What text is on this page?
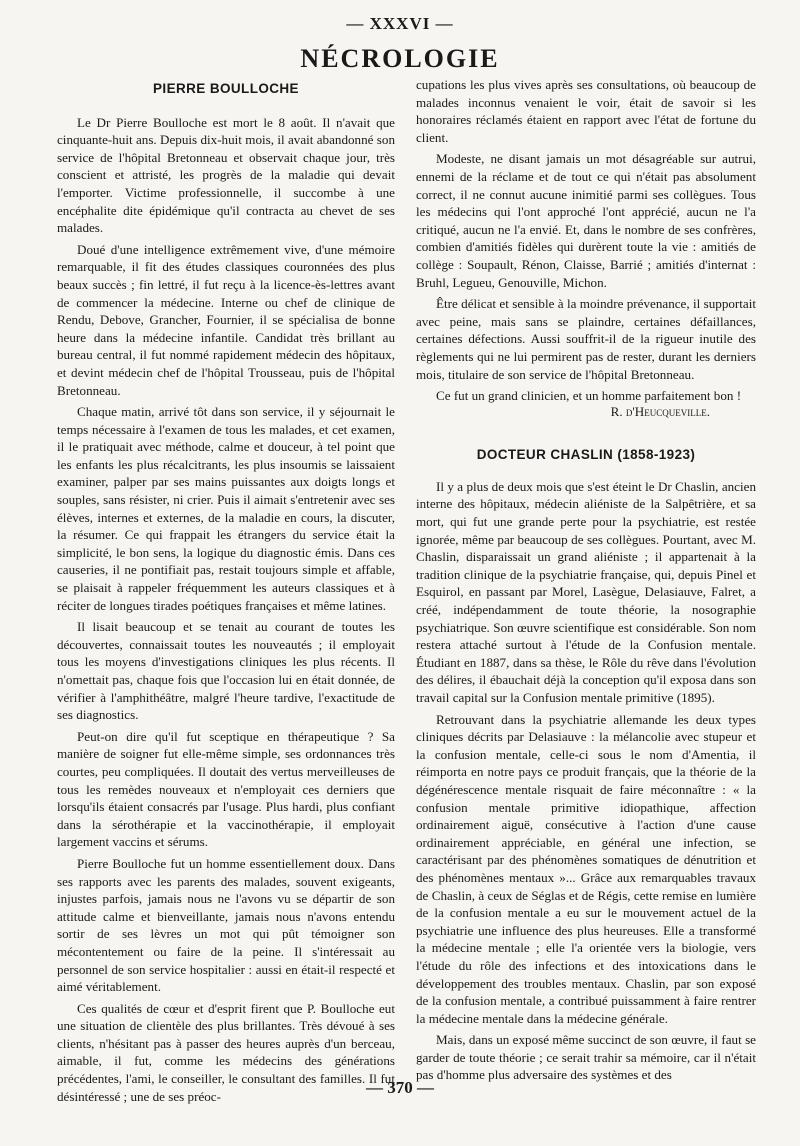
— XXXVI —
NÉCROLOGIE
PIERRE BOULLOCHE

Le Dr Pierre Boulloche est mort le 8 août. Il n'avait que cinquante-huit ans. Depuis dix-huit mois, il avait abandonné son service de l'hôpital Bretonneau et observait chaque jour, très conscient et attristé, les progrès de la maladie qui devait l'emporter. Victime professionnelle, il succombe à une encéphalite dite épidémique qu'il contracta au chevet de ses malades.

Doué d'une intelligence extrêmement vive, d'une mémoire remarquable, il fit des études classiques couronnées des plus beaux succès ; fin lettré, il fut reçu à la licence-ès-lettres avant de commencer la médecine. Interne ou chef de clinique de Rendu, Debove, Grancher, Fournier, il se spécialisa de bonne heure dans la médecine infantile. Candidat très brillant au bureau central, il fut nommé rapidement médecin des hôpitaux, et devint médecin chef de l'hôpital Trousseau, puis de l'hôpital Bretonneau.

Chaque matin, arrivé tôt dans son service, il y séjournait le temps nécessaire à l'examen de tous les malades, et cet examen, il le pratiquait avec méthode, calme et douceur, à tel point que les enfants les plus récalcitrants, les plus insoumis se laissaient examiner, palper par ses mains puissantes aux doigts longs et souples, sans résister, ni crier. Puis il aimait s'entretenir avec ses élèves, internes et externes, de la maladie en cours, la discuter, la résumer. Ce qui frappait les étrangers du service était la simplicité, le bon sens, la logique du diagnostic émis. Dans ces causeries, il ne pontifiait pas, restait toujours simple et affable, se plaisait à rappeler fréquemment les auteurs classiques et à réciter de longues tirades poétiques françaises et même latines.

Il lisait beaucoup et se tenait au courant de toutes les découvertes, connaissait toutes les nouveautés ; il employait tous les moyens d'investigations cliniques les plus récents. Il n'omettait pas, chaque fois que l'occasion lui en était donnée, de vérifier à l'amphithéâtre, malgré l'heure tardive, l'exactitude de ses diagnostics.

Peut-on dire qu'il fut sceptique en thérapeutique ? Sa manière de soigner fut elle-même simple, ses ordonnances très courtes, peu compliquées. Il doutait des vertus merveilleuses de tous les remèdes nouveaux et n'employait ces derniers que lorsqu'ils étaient consacrés par l'usage. Plus hardi, plus confiant dans la sérothérapie et la vaccinothérapie, il employait largement vaccins et sérums.

Pierre Boulloche fut un homme essentiellement doux. Dans ses rapports avec les parents des malades, souvent exigeants, injustes parfois, jamais nous ne l'avons vu se départir de son attitude calme et bienveillante, jamais nous n'avons entendu sortir de ses lèvres un mot qui pût témoigner son mécontentement ou faire de la peine. Il s'intéressait au personnel de son service hospitalier : aussi en était-il respecté et aimé véritablement.

Ces qualités de cœur et d'esprit firent que P. Boulloche eut une situation de clientèle des plus brillantes. Très dévoué à ses clients, n'hésitant pas à passer des heures auprès d'un berceau, aimable, il fut, comme les médecins des générations précédentes, l'ami, le conseiller, le consultant des familles. Il fut désintéressé ; une de ses préoc-

cupations les plus vives après ses consultations, où beaucoup de malades inconnus venaient le voir, était de savoir si les honoraires réclamés étaient en rapport avec l'état de fortune du client.

Modeste, ne disant jamais un mot désagréable sur autrui, ennemi de la réclame et de tout ce qui n'était pas absolument correct, il ne connut aucune inimitié parmi ses collègues. Tous les médecins qui l'ont approché l'ont apprécié, aucun ne l'a critiqué, aucun ne l'a envié. Et, dans le nombre de ses confrères, combien d'amitiés fidèles qui durèrent toute la vie : amitiés de collège : Soupault, Rénon, Claisse, Barrié ; amitiés d'internat : Bruhl, Legueu, Genouville, Michon.

Être délicat et sensible à la moindre prévenance, il supportait avec peine, mais sans se plaindre, certaines défaillances, certaines défections. Aussi souffrit-il de la rigueur inutile des règlements qui ne lui permirent pas de rester, durant les derniers mois, titulaire de son service de l'hôpital Bretonneau.

Ce fut un grand clinicien, et un homme parfaitement bon !

R. d'Heucqueville.
DOCTEUR CHASLIN (1858-1923)

Il y a plus de deux mois que s'est éteint le Dr Chaslin, ancien interne des hôpitaux, médecin aliéniste de la Salpêtrière, et sa mort, qui fut une grande perte pour la psychiatrie, est restée ignorée, même par beaucoup de ses collègues. Pourtant, avec M. Chaslin, disparaissait un grand aliéniste ; il appartenait à la tradition clinique de la psychiatrie française, qui, depuis Pinel et Esquirol, en passant par Morel, Lasègue, Delasiauve, Falret, a créé, indépendamment de toute théorie, la nosographie psychiatrique. Son œuvre scientifique est considérable. Son nom restera attaché surtout à l'étude de la Confusion mentale. Étudiant en 1887, dans sa thèse, le Rôle du rêve dans l'évolution des délires, il ébauchait déjà la conception qu'il exposa dans son travail capital sur la Confusion mentale primitive (1895).

Retrouvant dans la psychiatrie allemande les deux types cliniques décrits par Delasiauve : la mélancolie avec stupeur et la confusion mentale, celle-ci sous le nom d'Amentia, il réimporta en notre pays ce produit français, que la théorie de la dégénérescence mentale risquait de faire méconnaître : « la confusion mentale primitive idiopathique, affection ordinairement aiguë, consécutive à l'action d'une cause ordinairement appréciable, en général une infection, se caractérisant par des phénomènes somatiques de dénutrition et des phénomènes mentaux »... Grâce aux remarquables travaux de Chaslin, à ceux de Séglas et de Régis, cette remise en lumière de la confusion mentale a eu sur le mouvement actuel de la psychiatrie une influence des plus heureuses. Elle a transformé la médecine mentale ; elle l'a orientée vers la biologie, vers l'étude du rôle des infections et des intoxications dans le développement des troubles mentaux. Chaslin, par son exposé de la confusion mentale, a contribué puissamment à faire rentrer la médecine mentale dans la médecine générale.

Mais, dans un exposé même succinct de son œuvre, il faut se garder de toute théorie ; ce serait trahir sa mémoire, car il n'était pas d'homme plus adversaire des systèmes et des

— 370 —
